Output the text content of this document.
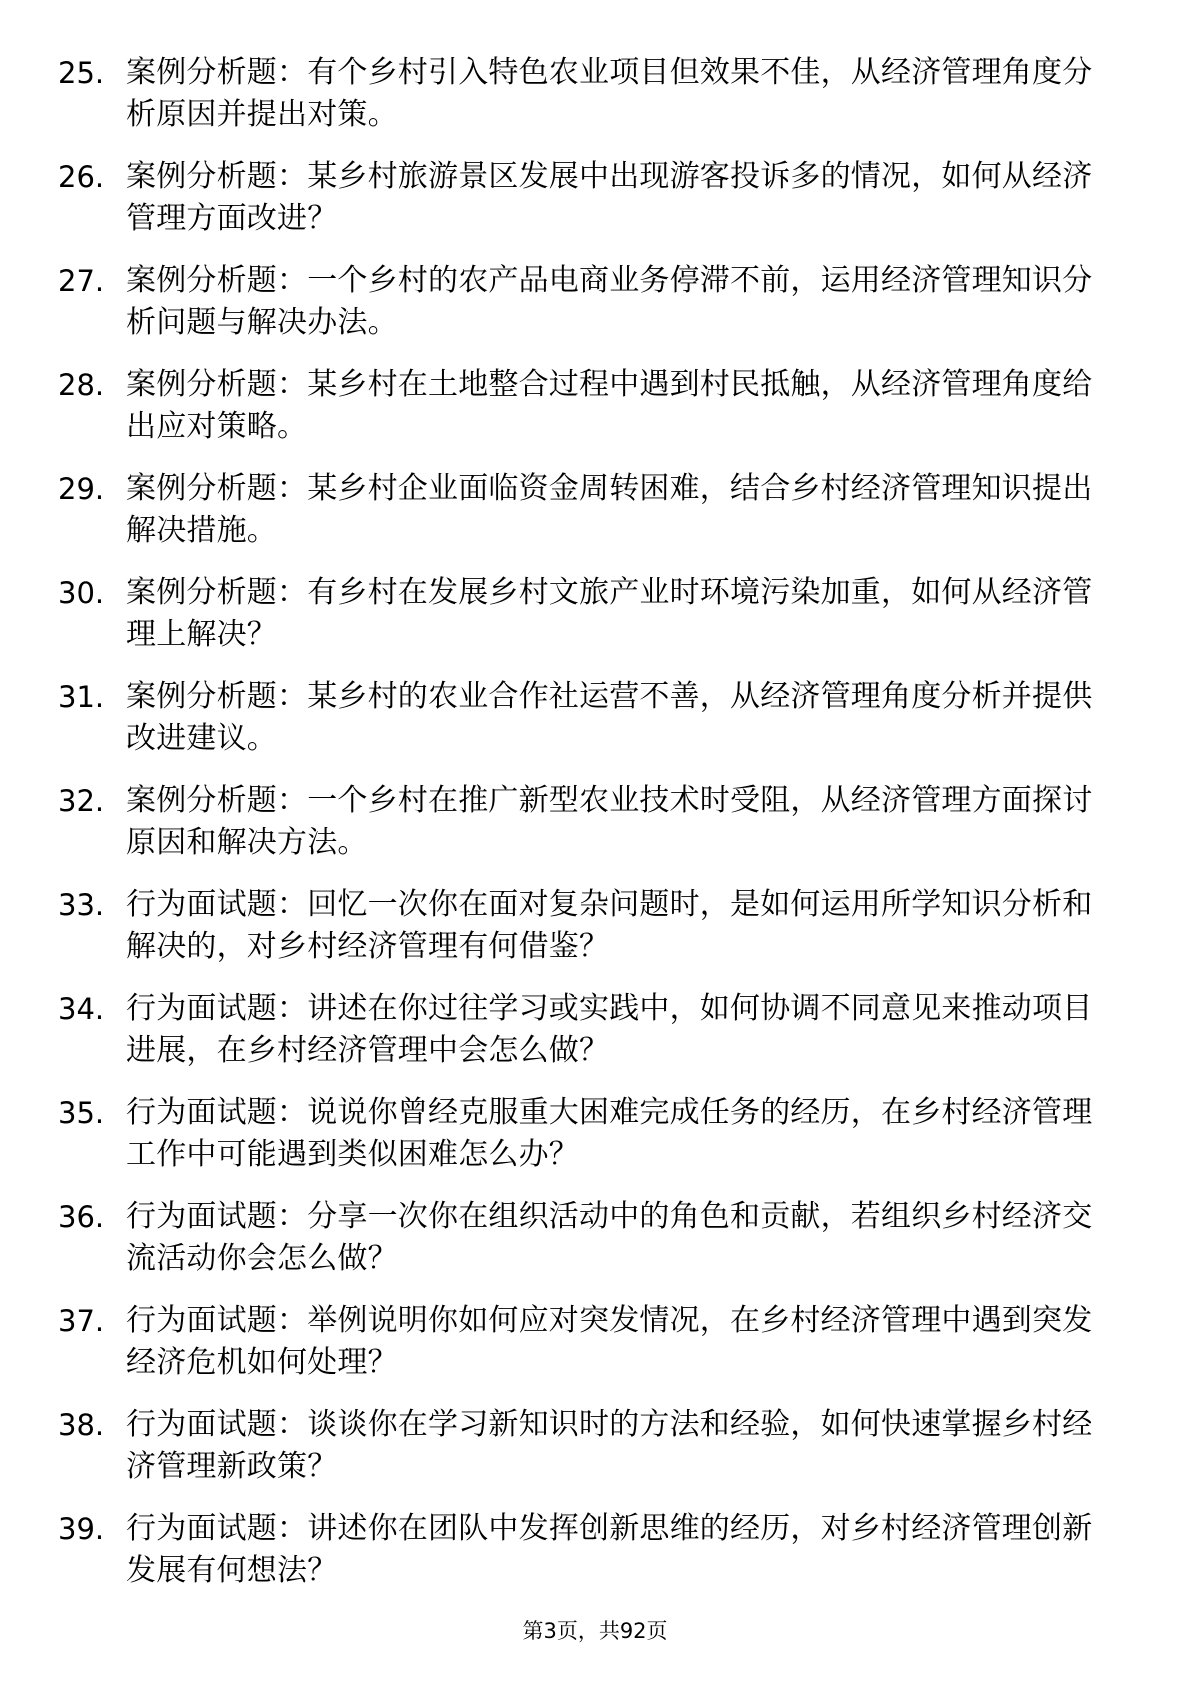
25. 案例分析题：有个乡村引入特色农业项目但效果不佳，从经济管理角度分析原因并提出对策。
26. 案例分析题：某乡村旅游景区发展中出现游客投诉多的情况，如何从经济管理方面改进？
27. 案例分析题：一个乡村的农产品电商业务停滞不前，运用经济管理知识分析问题与解决办法。
28. 案例分析题：某乡村在土地整合过程中遇到村民抵触，从经济管理角度给出应对策略。
29. 案例分析题：某乡村企业面临资金周转困难，结合乡村经济管理知识提出解决措施。
30. 案例分析题：有乡村在发展乡村文旅产业时环境污染加重，如何从经济管理上解决？
31. 案例分析题：某乡村的农业合作社运营不善，从经济管理角度分析并提供改进建议。
32. 案例分析题：一个乡村在推广新型农业技术时受阻，从经济管理方面探讨原因和解决方法。
33. 行为面试题：回忆一次你在面对复杂问题时，是如何运用所学知识分析和解决的，对乡村经济管理有何借鉴？
34. 行为面试题：讲述在你过往学习或实践中，如何协调不同意见来推动项目进展，在乡村经济管理中会怎么做？
35. 行为面试题：说说你曾经克服重大困难完成任务的经历，在乡村经济管理工作中可能遇到类似困难怎么办？
36. 行为面试题：分享一次你在组织活动中的角色和贡献，若组织乡村经济交流活动你会怎么做？
37. 行为面试题：举例说明你如何应对突发情况，在乡村经济管理中遇到突发经济危机如何处理？
38. 行为面试题：谈谈你在学习新知识时的方法和经验，如何快速掌握乡村经济管理新政策？
39. 行为面试题：讲述你在团队中发挥创新思维的经历，对乡村经济管理创新发展有何想法？
第3页，共92页
